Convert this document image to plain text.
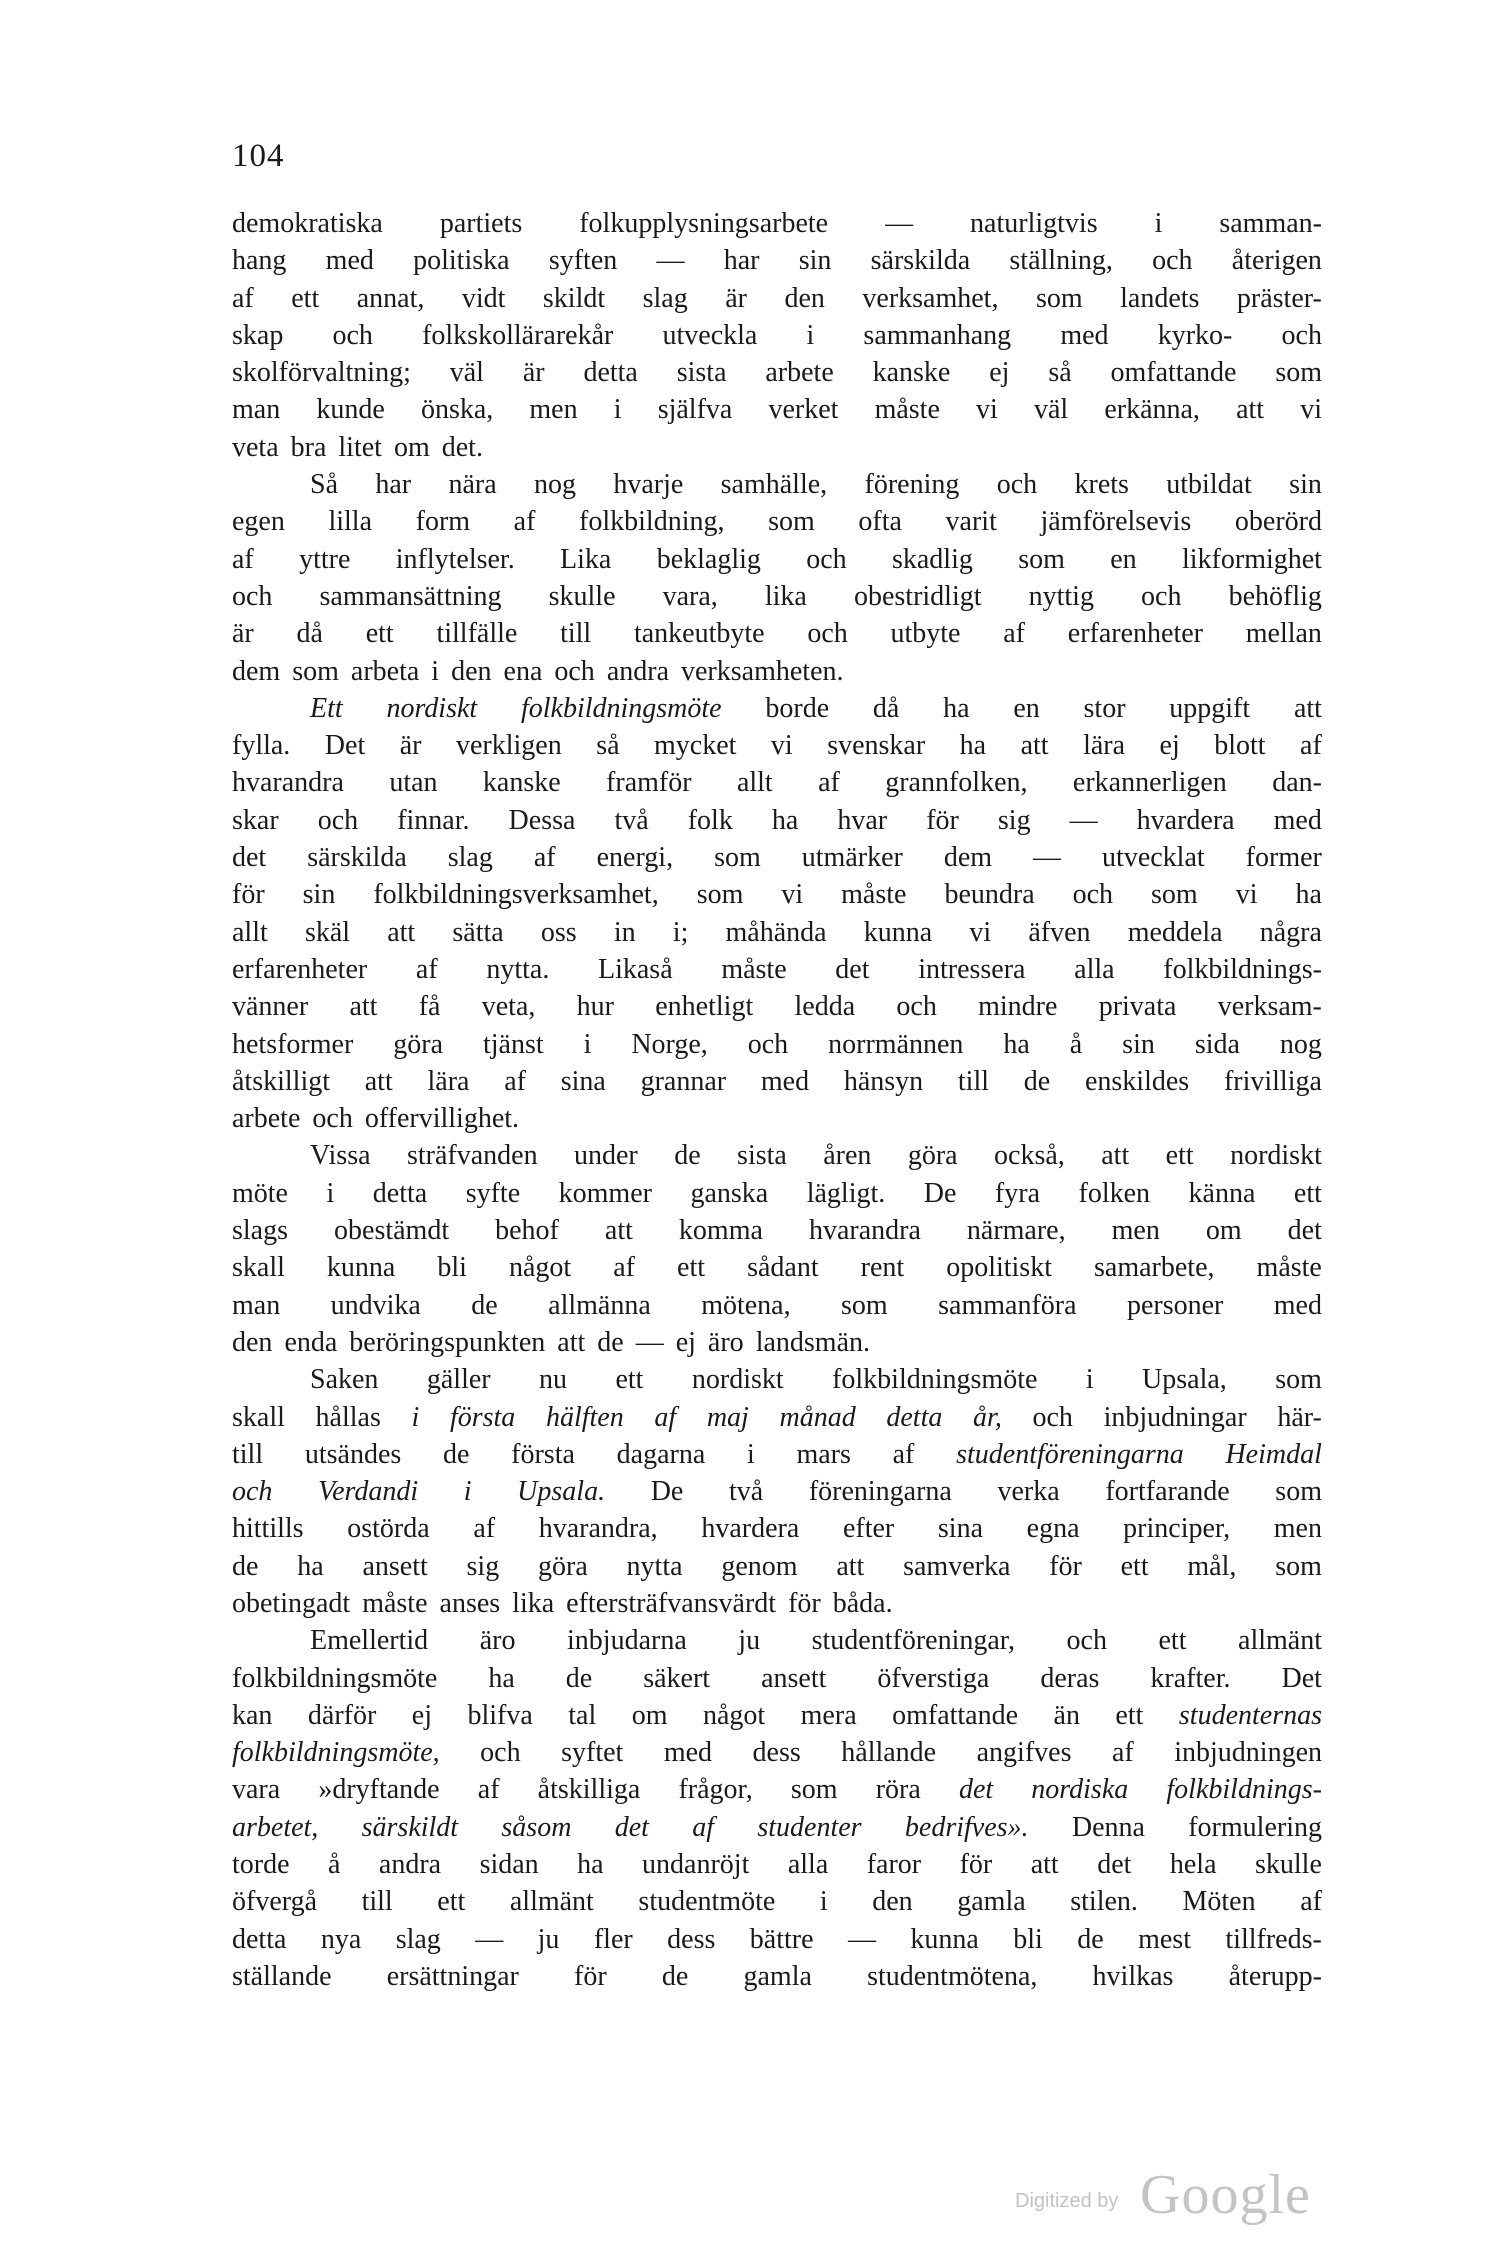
104
demokratiska partiets folkupplysningsarbete — naturligtvis i samman-
hang med politiska syften — har sin särskilda ställning, och återigen
af ett annat, vidt skildt slag är den verksamhet, som landets präster-
skap och folkskollärarekår utveckla i sammanhang med kyrko- och
skolförvaltning; väl är detta sista arbete kanske ej så omfattande som
man kunde önska, men i själfva verket måste vi väl erkänna, att vi
veta bra litet om det.
Så har nära nog hvarje samhälle, förening och krets utbildat sin
egen lilla form af folkbildning, som ofta varit jämförelsevis oberörd
af yttre inflytelser. Lika beklaglig och skadlig som en likformighet
och sammansättning skulle vara, lika obestridligt nyttig och behöflig
är då ett tillfälle till tankeutbyte och utbyte af erfarenheter mellan
dem som arbeta i den ena och andra verksamheten.
Ett nordiskt folkbildningsmöte borde då ha en stor uppgift att
fylla. Det är verkligen så mycket vi svenskar ha att lära ej blott af
hvarandra utan kanske framför allt af grannfolken, erkannerligen dan-
skar och finnar. Dessa två folk ha hvar för sig — hvardera med
det särskilda slag af energi, som utmärker dem — utvecklat former
för sin folkbildningsverksamhet, som vi måste beundra och som vi ha
allt skäl att sätta oss in i; måhända kunna vi äfven meddela några
erfarenheter af nytta. Likaså måste det intressera alla folkbildnings-
vänner att få veta, hur enhetligt ledda och mindre privata verksam-
hetsformer göra tjänst i Norge, och norrmännen ha å sin sida nog
åtskilligt att lära af sina grannar med hänsyn till de enskildes frivilliga
arbete och offervillighet.
Vissa sträfvanden under de sista åren göra också, att ett nordiskt
möte i detta syfte kommer ganska lägligt. De fyra folken känna ett
slags obestämdt behof att komma hvarandra närmare, men om det
skall kunna bli något af ett sådant rent opolitiskt samarbete, måste
man undvika de allmänna mötena, som sammanföra personer med
den enda beröringspunkten att de — ej äro landsmän.
Saken gäller nu ett nordiskt folkbildningsmöte i Upsala, som
skall hållas i första hälften af maj månad detta år, och inbjudningar här-
till utsändes de första dagarna i mars af studentföreningarna Heimdal
och Verdandi i Upsala. De två föreningarna verka fortfarande som
hittills ostörda af hvarandra, hvardera efter sina egna principer, men
de ha ansett sig göra nytta genom att samverka för ett mål, som
obetingadt måste anses lika eftersträfvansvärdt för båda.
Emellertid äro inbjudarna ju studentföreningar, och ett allmänt
folkbildningsmöte ha de säkert ansett öfverstiga deras krafter. Det
kan därför ej blifva tal om något mera omfattande än ett studenternas
folkbildningsmöte, och syftet med dess hållande angifves af inbjudningen
vara »dryftande af åtskilliga frågor, som röra det nordiska folkbildnings-
arbetet, särskildt såsom det af studenter bedrifves». Denna formulering
torde å andra sidan ha undanröjt alla faror för att det hela skulle
öfvergå till ett allmänt studentmöte i den gamla stilen. Möten af
detta nya slag — ju fler dess bättre — kunna bli de mest tillfreds-
ställande ersättningar för de gamla studentmötena, hvilkas återupp-
Digitized by Google
